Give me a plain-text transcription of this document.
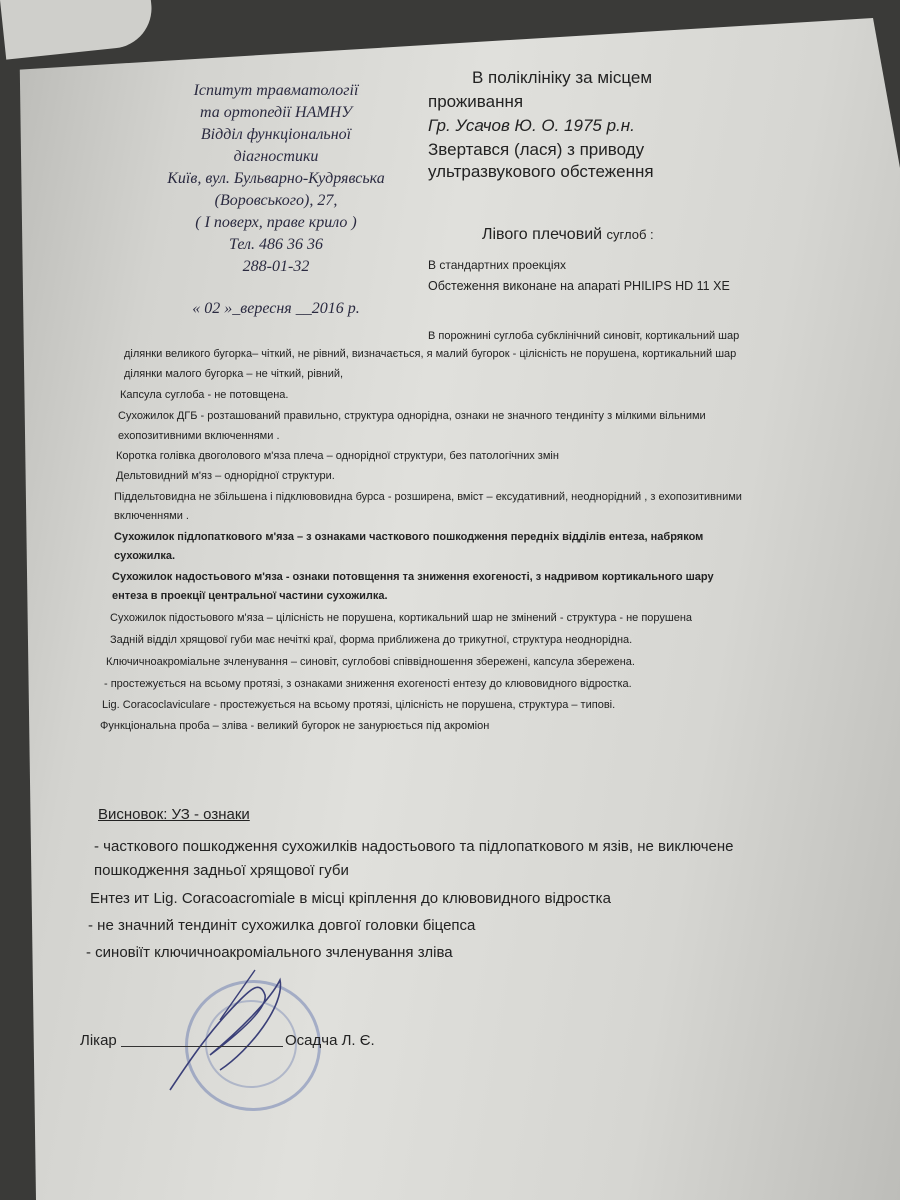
Ісnиmym mравмаmології
та орmопедії НАМНУ
Відділ функціональної
діагносmики
Київ, вул. Бульварно-Кудрявська
(Воровського), 27,
( I поверх, праве крило )
Тел. 486 36 36
288-01-32
« 02 »_вересня __2016 р.
В поліклініку за місцем
проживання
Гр. Усачов Ю. О. 1975 р.н.
Звертався (лася) з приводу
ультразвукового обстеження
Лівого плечовий суглоб :
В стандартних проекціях
Обстеження виконане на апараті PHILIPS HD 11 XE
В порожнині суглоба субклінічний синовіт, кортикальний шар
ділянки великого бугорка– чіткий, не рівний, визначається, я малий бугорок - цілісність не порушена, кортикальний шар
ділянки малого бугорка – не чіткий, рівний,
Капсула суглоба - не потовщена.
Сухожилок ДГБ - розташований правильно, структура однорідна, ознаки не значного тендиніту з мілкими вільними
ехопозитивними включеннями .
Коротка голівка двоголового м'яза плеча – однорідної структури, без патологічних змін
Дельтовидний м'яз – однорідної структури.
Піддельтовидна не збільшена і підклювовидна бурса - розширена, вміст – ексудативний, неоднорідний , з ехопозитивними
включеннями .
Сухожилок підлопаткового м'яза – з ознаками часткового пошкодження передніх відділів ентеза, набряком
сухожилка.
Сухожилок надостьового м'яза - ознаки потовщення та зниження ехогеності, з надривом кортикального шару
ентеза в проекції центральної частини сухожилка.
Сухожилок підостьового м'яза – цілісність не порушена, кортикальний шар не змінений - структура - не порушена
Задній відділ хрящової губи має нечіткі краї, форма приближена до трикутної, структура неоднорідна.
Ключичноакроміальне зчленування – синовіт, суглобові співвідношення збережені, капсула збережена.
- простежується на всьому протязі, з ознаками зниження ехогеності ентезу до клювовидного відростка.
Lig. Coracoclaviculare - простежується на всьому протязі, цілісність не порушена, структура – типові.
Функціональна проба – зліва - великий бугорок не занурюється під акроміон
Висновок: УЗ - ознаки
- часткового пошкодження сухожилків надостьового та підлопаткового м язів, не виключене
пошкодження задньої хрящової губи
Ентез ит Lig. Coracoacromiale в місці кріплення до клювовидного відростка
- не значний тендиніт сухожилка довгої головки біцепса
- синовіїт ключичноакроміального зчленування зліва
Лікар	Осадча Л. Є.
